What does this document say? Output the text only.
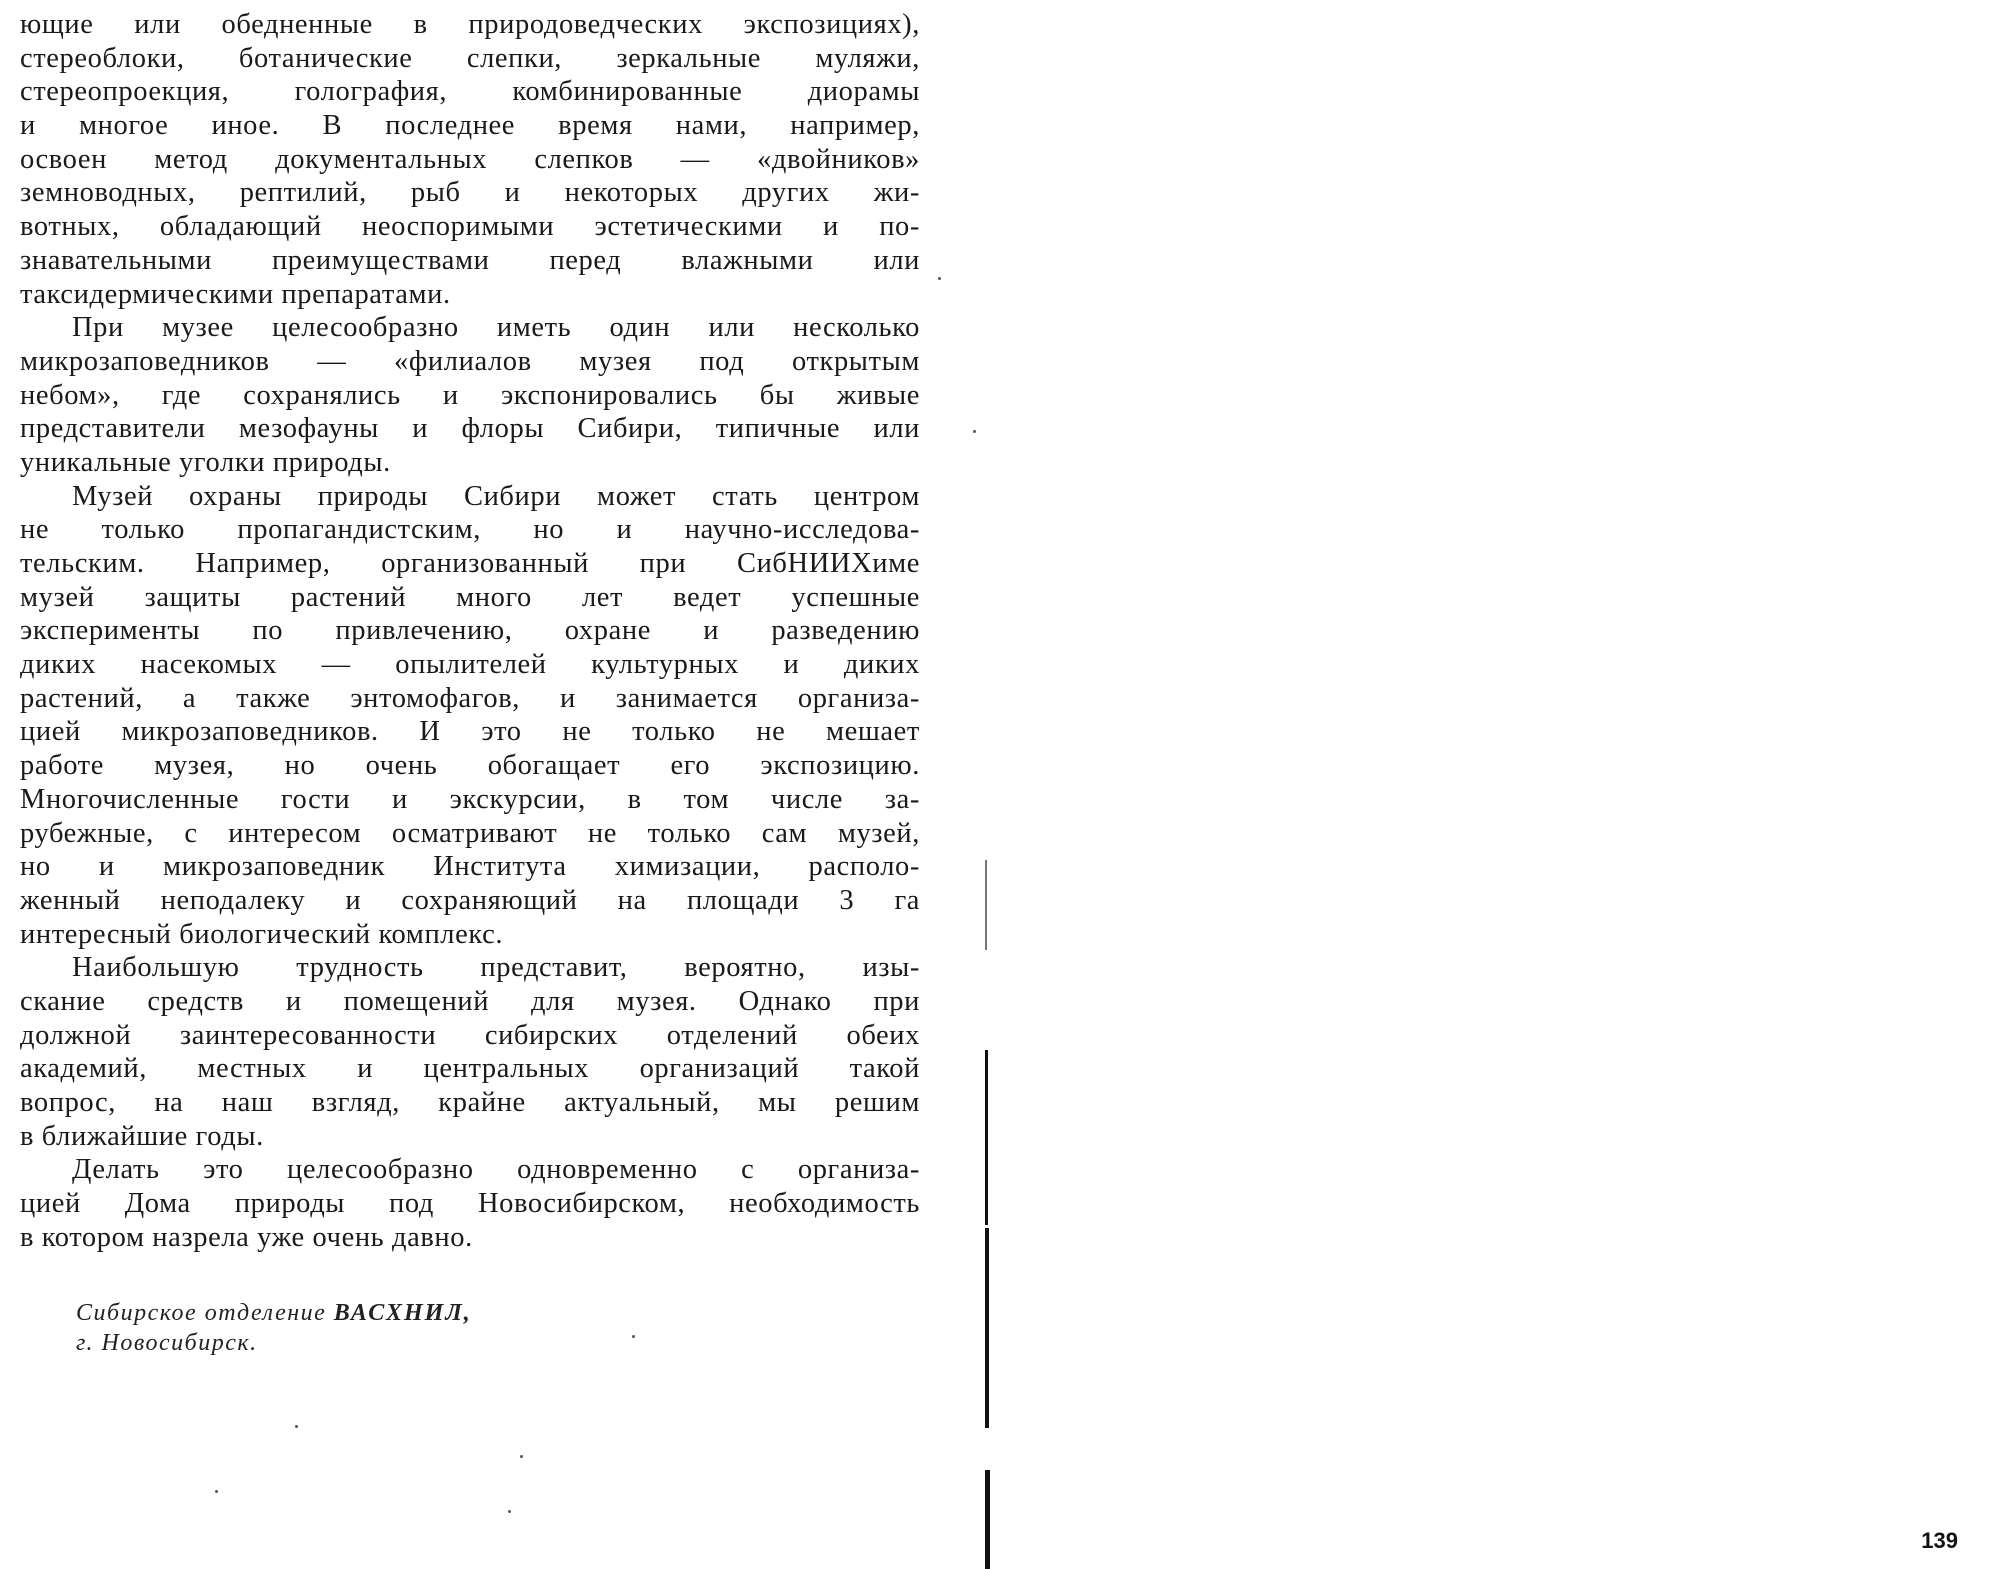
ющие или обедненные в природоведческих экспозициях),
стереоблоки, ботанические слепки, зеркальные муляжи,
стереопроекция, голография, комбинированные диорамы
и многое иное. В последнее время нами, например,
освоен метод документальных слепков — «двойников»
земноводных, рептилий, рыб и некоторых других жи-
вотных, обладающий неоспоримыми эстетическими и по-
знавательными преимуществами перед влажными или
таксидермическими препаратами.
При музее целесообразно иметь один или несколько
микрозаповедников — «филиалов музея под открытым
небом», где сохранялись и экспонировались бы живые
представители мезофауны и флоры Сибири, типичные или
уникальные уголки природы.
Музей охраны природы Сибири может стать центром
не только пропагандистским, но и научно-исследова-
тельским. Например, организованный при СибНИИХиме
музей защиты растений много лет ведет успешные
эксперименты по привлечению, охране и разведению
диких насекомых — опылителей культурных и диких
растений, а также энтомофагов, и занимается организа-
цией микрозаповедников. И это не только не мешает
работе музея, но очень обогащает его экспозицию.
Многочисленные гости и экскурсии, в том числе за-
рубежные, с интересом осматривают не только сам музей,
но и микрозаповедник Института химизации, располо-
женный неподалеку и сохраняющий на площади 3 га
интересный биологический комплекс.
Наибольшую трудность представит, вероятно, изы-
скание средств и помещений для музея. Однако при
должной заинтересованности сибирских отделений обеих
академий, местных и центральных организаций такой
вопрос, на наш взгляд, крайне актуальный, мы решим
в ближайшие годы.
Делать это целесообразно одновременно с организа-
цией Дома природы под Новосибирском, необходимость
в котором назрела уже очень давно.
Сибирское отделение ВАСХНИЛ,
г. Новосибирск.
139
